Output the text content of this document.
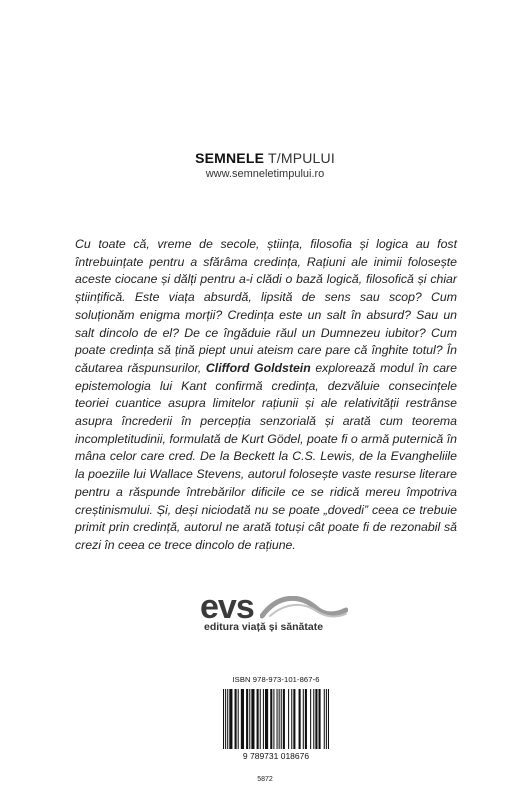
SEMNELE T/MPULUI
www.semneletimpului.ro

Cu toate că, vreme de secole, știința, filosofia și logica au fost întrebuințate pentru a sfărâma credința, Rațiuni ale inimii folosește aceste ciocane și dălți pentru a-i clădi o bază logică, filosofică și chiar științifică. Este viața absurdă, lipsită de sens sau scop? Cum soluționăm enigma morții? Credința este un salt în absurd? Sau un salt dincolo de el? De ce îngăduie răul un Dumnezeu iubitor? Cum poate credința să țină piept unui ateism care pare că înghite totul? În căutarea răspunsurilor, Clifford Goldstein explorează modul în care epistemologia lui Kant confirmă credința, dezvăluie consecințele teoriei cuantice asupra limitelor rațiunii și ale relativității restrânse asupra încrederii în percepția senzorială și arată cum teorema incompletitudinii, formulată de Kurt Gödel, poate fi o armă puternică în mâna celor care cred. De la Beckett la C.S. Lewis, de la Evangheliile la poeziile lui Wallace Stevens, autorul folosește vaste resurse literare pentru a răspunde întrebărilor dificile ce se ridică mereu împotriva creștinismului. Și, deși niciodată nu se poate „dovedi” ceea ce trebuie primit prin credință, autorul ne arată totuși cât poate fi de rezonabil să crezi în ceea ce trece dincolo de rațiune.

evs
editura viață și sănătate
ISBN 978-973-101-867-6
9 789731 018676
5872
